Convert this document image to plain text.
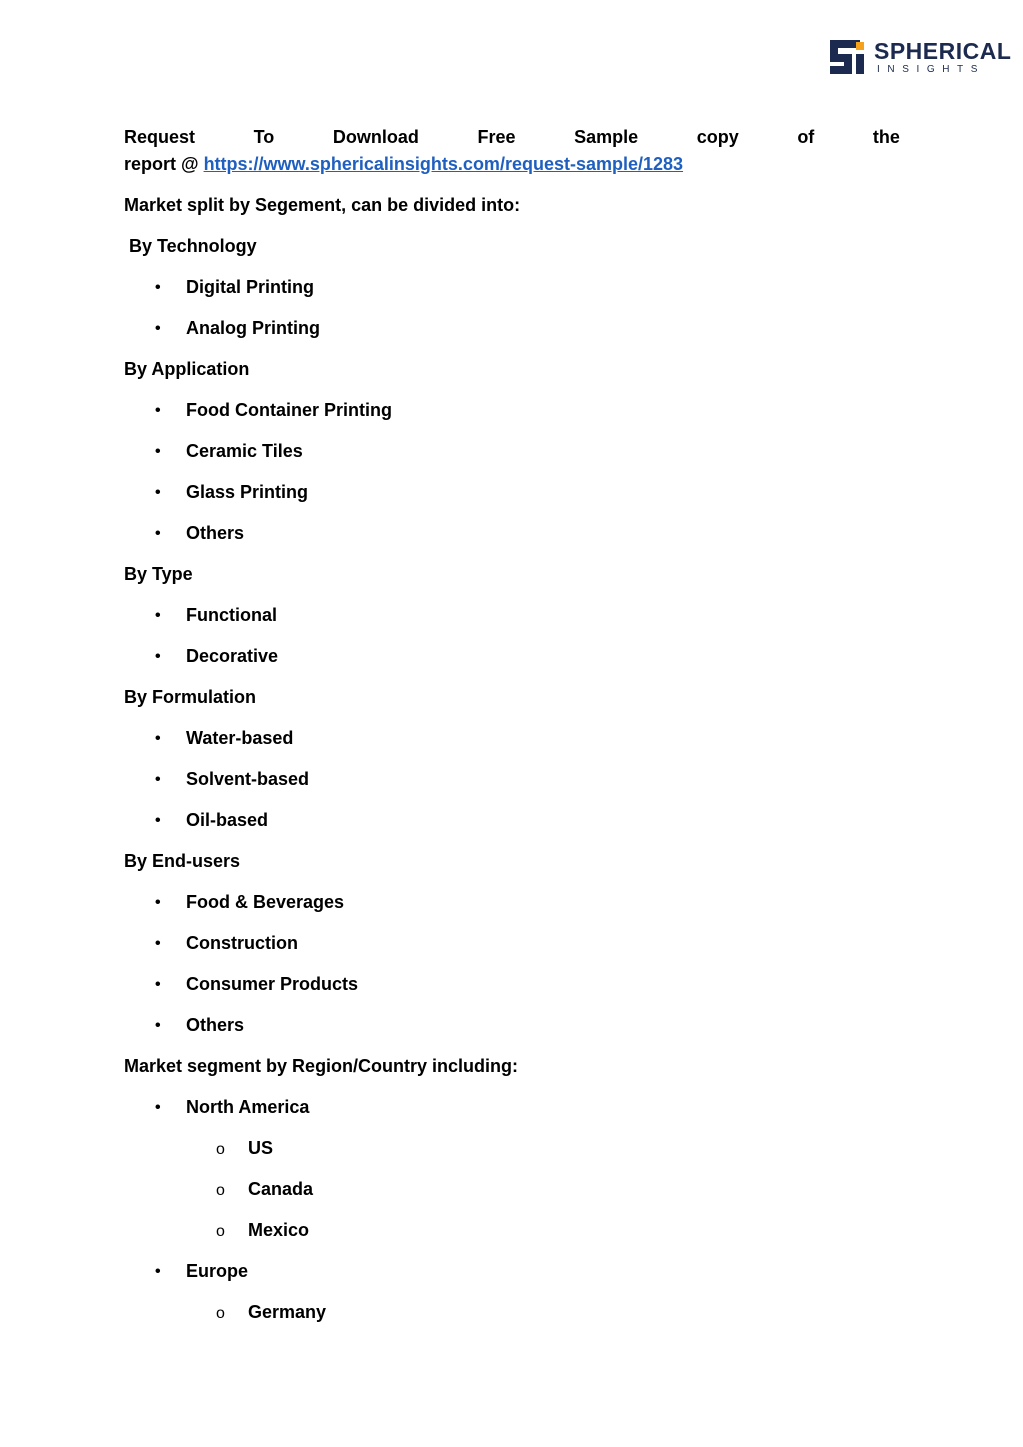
SPHERICAL
INSIGHTS
Request	To	Download	Free	Sample	copy	of	the
report @ https://www.sphericalinsights.com/request-sample/1283
Market split by Segement, can be divided into:
By Technology
• Digital Printing
• Analog Printing
By Application
• Food Container Printing
• Ceramic Tiles
• Glass Printing
• Others
By Type
• Functional
• Decorative
By Formulation
• Water-based
• Solvent-based
• Oil-based
By End-users
• Food & Beverages
• Construction
• Consumer Products
• Others
Market segment by Region/Country including:
• North America
o US
o Canada
o Mexico
• Europe
o Germany
